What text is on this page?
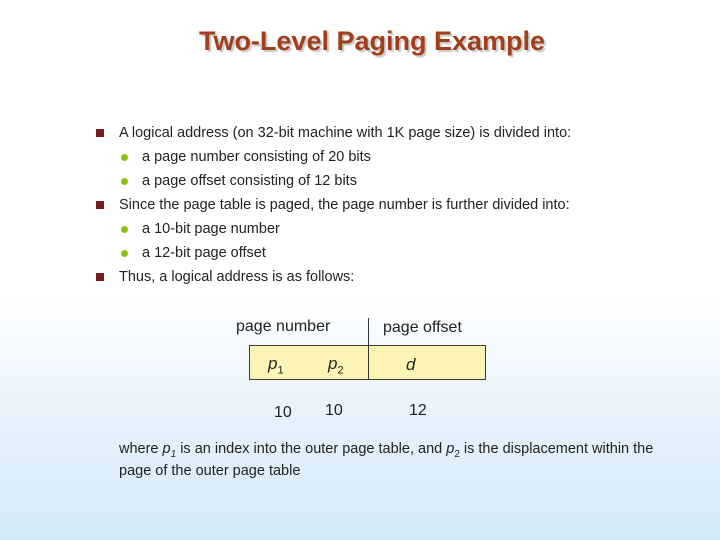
Two-Level Paging Example
A logical address (on 32-bit machine with 1K page size) is divided into:
a page number consisting of 20 bits
a page offset consisting of 12 bits
Since the page table is paged, the page number is further divided into:
a 10-bit page number
a 12-bit page offset
Thus, a logical address is as follows:
page number	page offset
$p_1$	$p_2$	d
10 10	12
where $p_1$ is an index into the outer page table, and $p_2$ is the displacement within the page of the outer page table
